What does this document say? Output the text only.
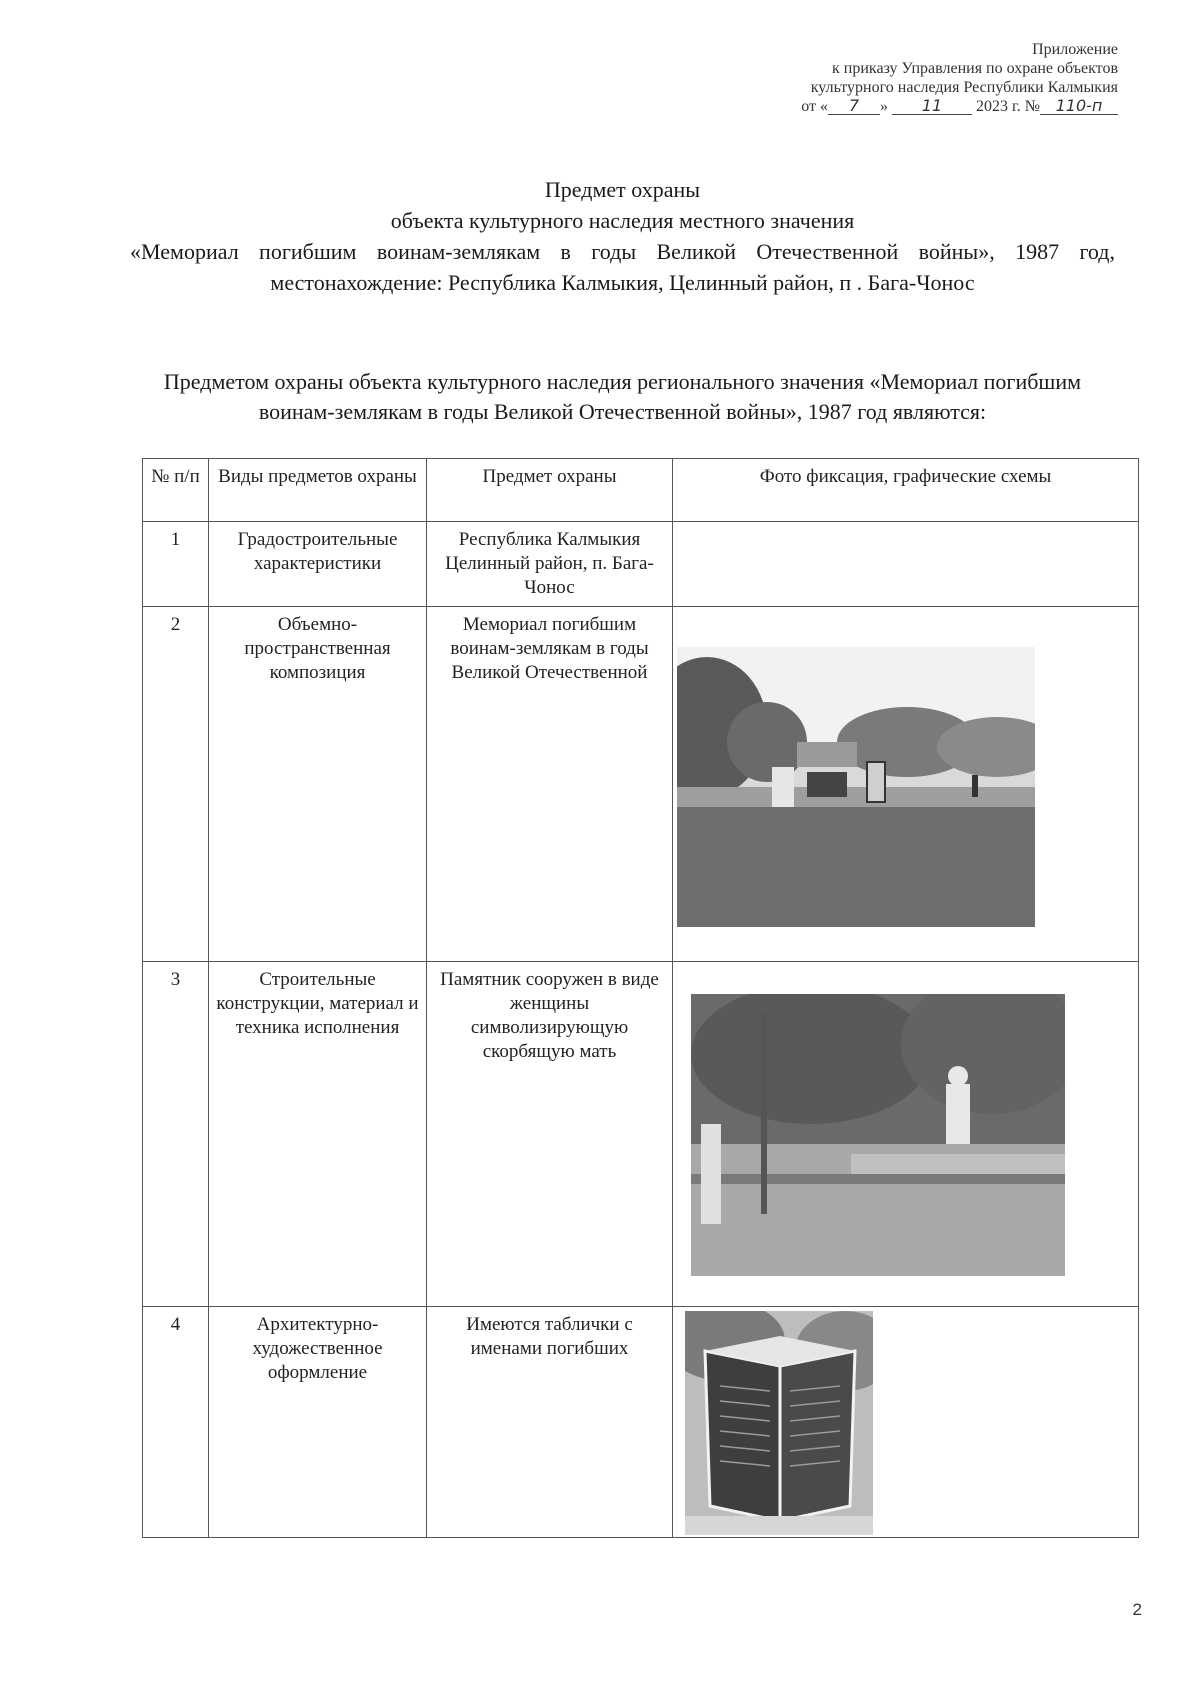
Приложение
к приказу Управления по охране объектов
культурного наследия Республики Калмыкия
от « 7 » 11 2023 г. № 110-п
Предмет охраны
объекта культурного наследия местного значения
«Мемориал погибшим воинам-землякам в годы Великой Отечественной войны», 1987 год, местонахождение: Республика Калмыкия, Целинный район, п . Бага-Чонос
Предметом охраны объекта культурного наследия регионального значения «Мемориал погибшим воинам-землякам в годы Великой Отечественной войны», 1987 год являются:
№ п/п	Виды предметов охраны	Предмет охраны	Фото фиксация, графические схемы
1	Градостроительные характеристики	Республика Калмыкия Целинный район, п. Бага-Чонос	
2	Объемно-пространственная композиция	Мемориал погибшим воинам-землякам в годы Великой Отечественной	

3	Строительные конструкции, материал и техника исполнения	Памятник сооружен в виде женщины символизирующую скорбящую мать	

4	Архитектурно-художественное оформление	Имеются таблички с именами погибших	
2
